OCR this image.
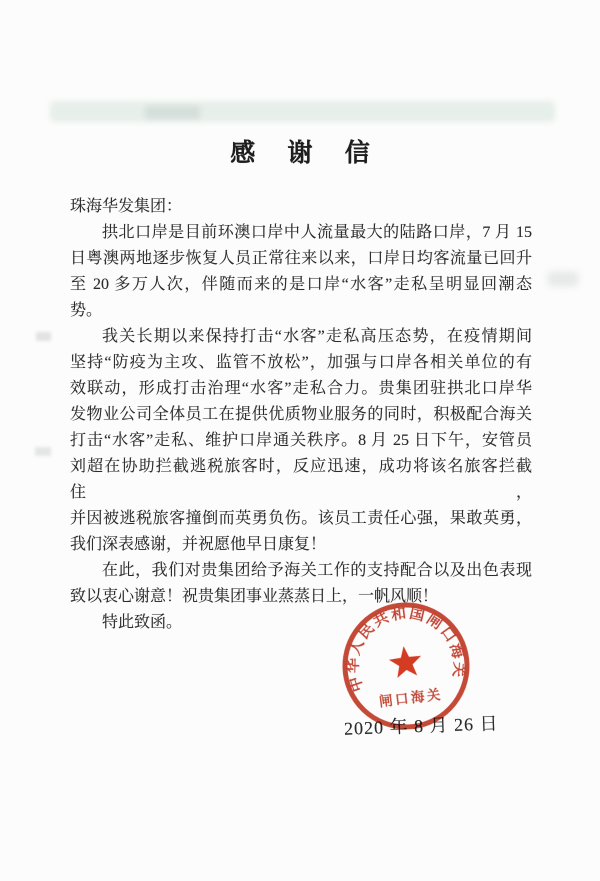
感 谢 信
珠海华发集团：
拱北口岸是目前环澳口岸中人流量最大的陆路口岸，7 月 15
日粤澳两地逐步恢复人员正常往来以来，口岸日均客流量已回升
至 20 多万人次，伴随而来的是口岸“水客”走私呈明显回潮态
势。
我关长期以来保持打击“水客”走私高压态势，在疫情期间
坚持“防疫为主攻、监管不放松”，加强与口岸各相关单位的有
效联动，形成打击治理“水客”走私合力。贵集团驻拱北口岸华
发物业公司全体员工在提供优质物业服务的同时，积极配合海关
打击“水客”走私、维护口岸通关秩序。8 月 25 日下午，安管员
刘超在协助拦截逃税旅客时，反应迅速，成功将该名旅客拦截住，
并因被逃税旅客撞倒而英勇负伤。该员工责任心强，果敢英勇，
我们深表感谢，并祝愿他早日康复！
在此，我们对贵集团给予海关工作的支持配合以及出色表现
致以衷心谢意！祝贵集团事业蒸蒸日上，一帆风顺！
特此致函。
2020 年 8 月 26 日
中华人民共和国闸口海关
闸口海关
